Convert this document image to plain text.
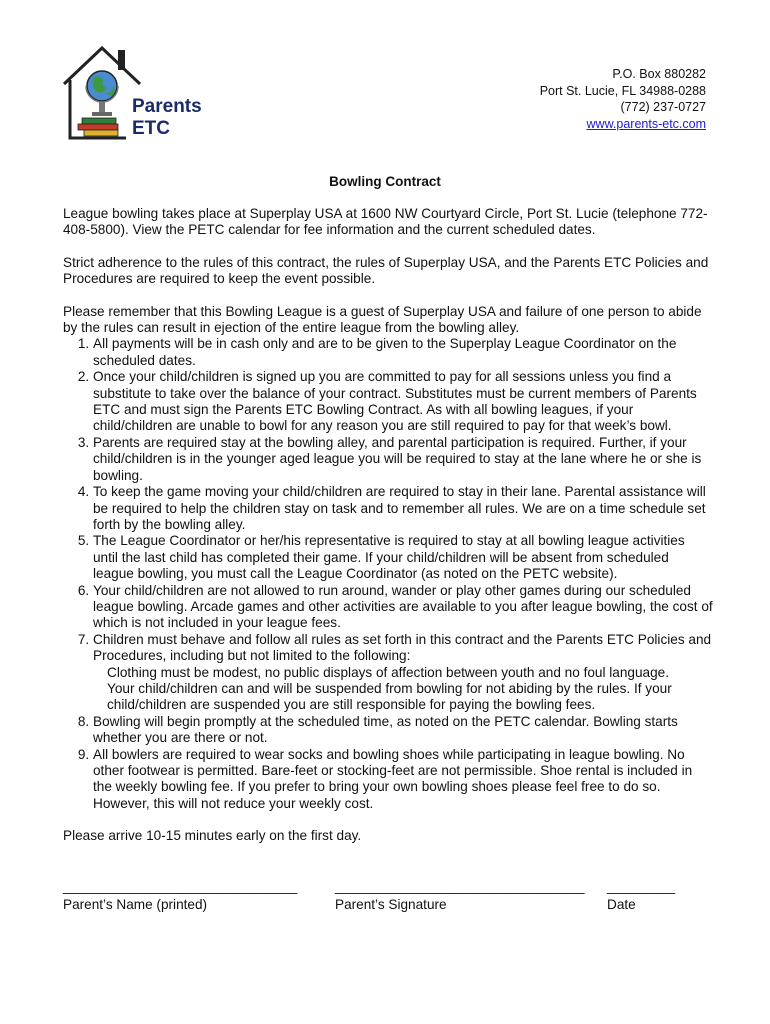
Parents
ETC
P.O. Box 880282
Port St. Lucie, FL 34988-0288
(772) 237-0727
www.parents-etc.com
Bowling Contract

League bowling takes place at Superplay USA at 1600 NW Courtyard Circle, Port St. Lucie (telephone 772-408-5800). View the PETC calendar for fee information and the current scheduled dates.

Strict adherence to the rules of this contract, the rules of Superplay USA, and the Parents ETC Policies and Procedures are required to keep the event possible.

Please remember that this Bowling League is a guest of Superplay USA and failure of one person to abide by the rules can result in ejection of the entire league from the bowling alley.

1. All payments will be in cash only and are to be given to the Superplay League Coordinator on the scheduled dates.
2. Once your child/children is signed up you are committed to pay for all sessions unless you find a substitute to take over the balance of your contract. Substitutes must be current members of Parents ETC and must sign the Parents ETC Bowling Contract. As with all bowling leagues, if your child/children are unable to bowl for any reason you are still required to pay for that week’s bowl.
3. Parents are required stay at the bowling alley, and parental participation is required. Further, if your child/children is in the younger aged league you will be required to stay at the lane where he or she is bowling.
4. To keep the game moving your child/children are required to stay in their lane. Parental assistance will be required to help the children stay on task and to remember all rules. We are on a time schedule set forth by the bowling alley.
5. The League Coordinator or her/his representative is required to stay at all bowling league activities until the last child has completed their game. If your child/children will be absent from scheduled league bowling, you must call the League Coordinator (as noted on the PETC website).
6. Your child/children are not allowed to run around, wander or play other games during our scheduled league bowling. Arcade games and other activities are available to you after league bowling, the cost of which is not included in your league fees.
7. Children must behave and follow all rules as set forth in this contract and the Parents ETC Policies and Procedures, including but not limited to the following:
Clothing must be modest, no public displays of affection between youth and no foul language.
Your child/children can and will be suspended from bowling for not abiding by the rules. If your child/children are suspended you are still responsible for paying the bowling fees.
8. Bowling will begin promptly at the scheduled time, as noted on the PETC calendar. Bowling starts whether you are there or not.
9. All bowlers are required to wear socks and bowling shoes while participating in league bowling. No other footwear is permitted. Bare-feet or stocking-feet are not permissible. Shoe rental is included in the weekly bowling fee. If you prefer to bring your own bowling shoes please feel free to do so. However, this will not reduce your weekly cost.

Please arrive 10-15 minutes early on the first day.

_______________________________
Parent’s Name (printed)
_________________________________
Parent’s Signature
_________
Date
